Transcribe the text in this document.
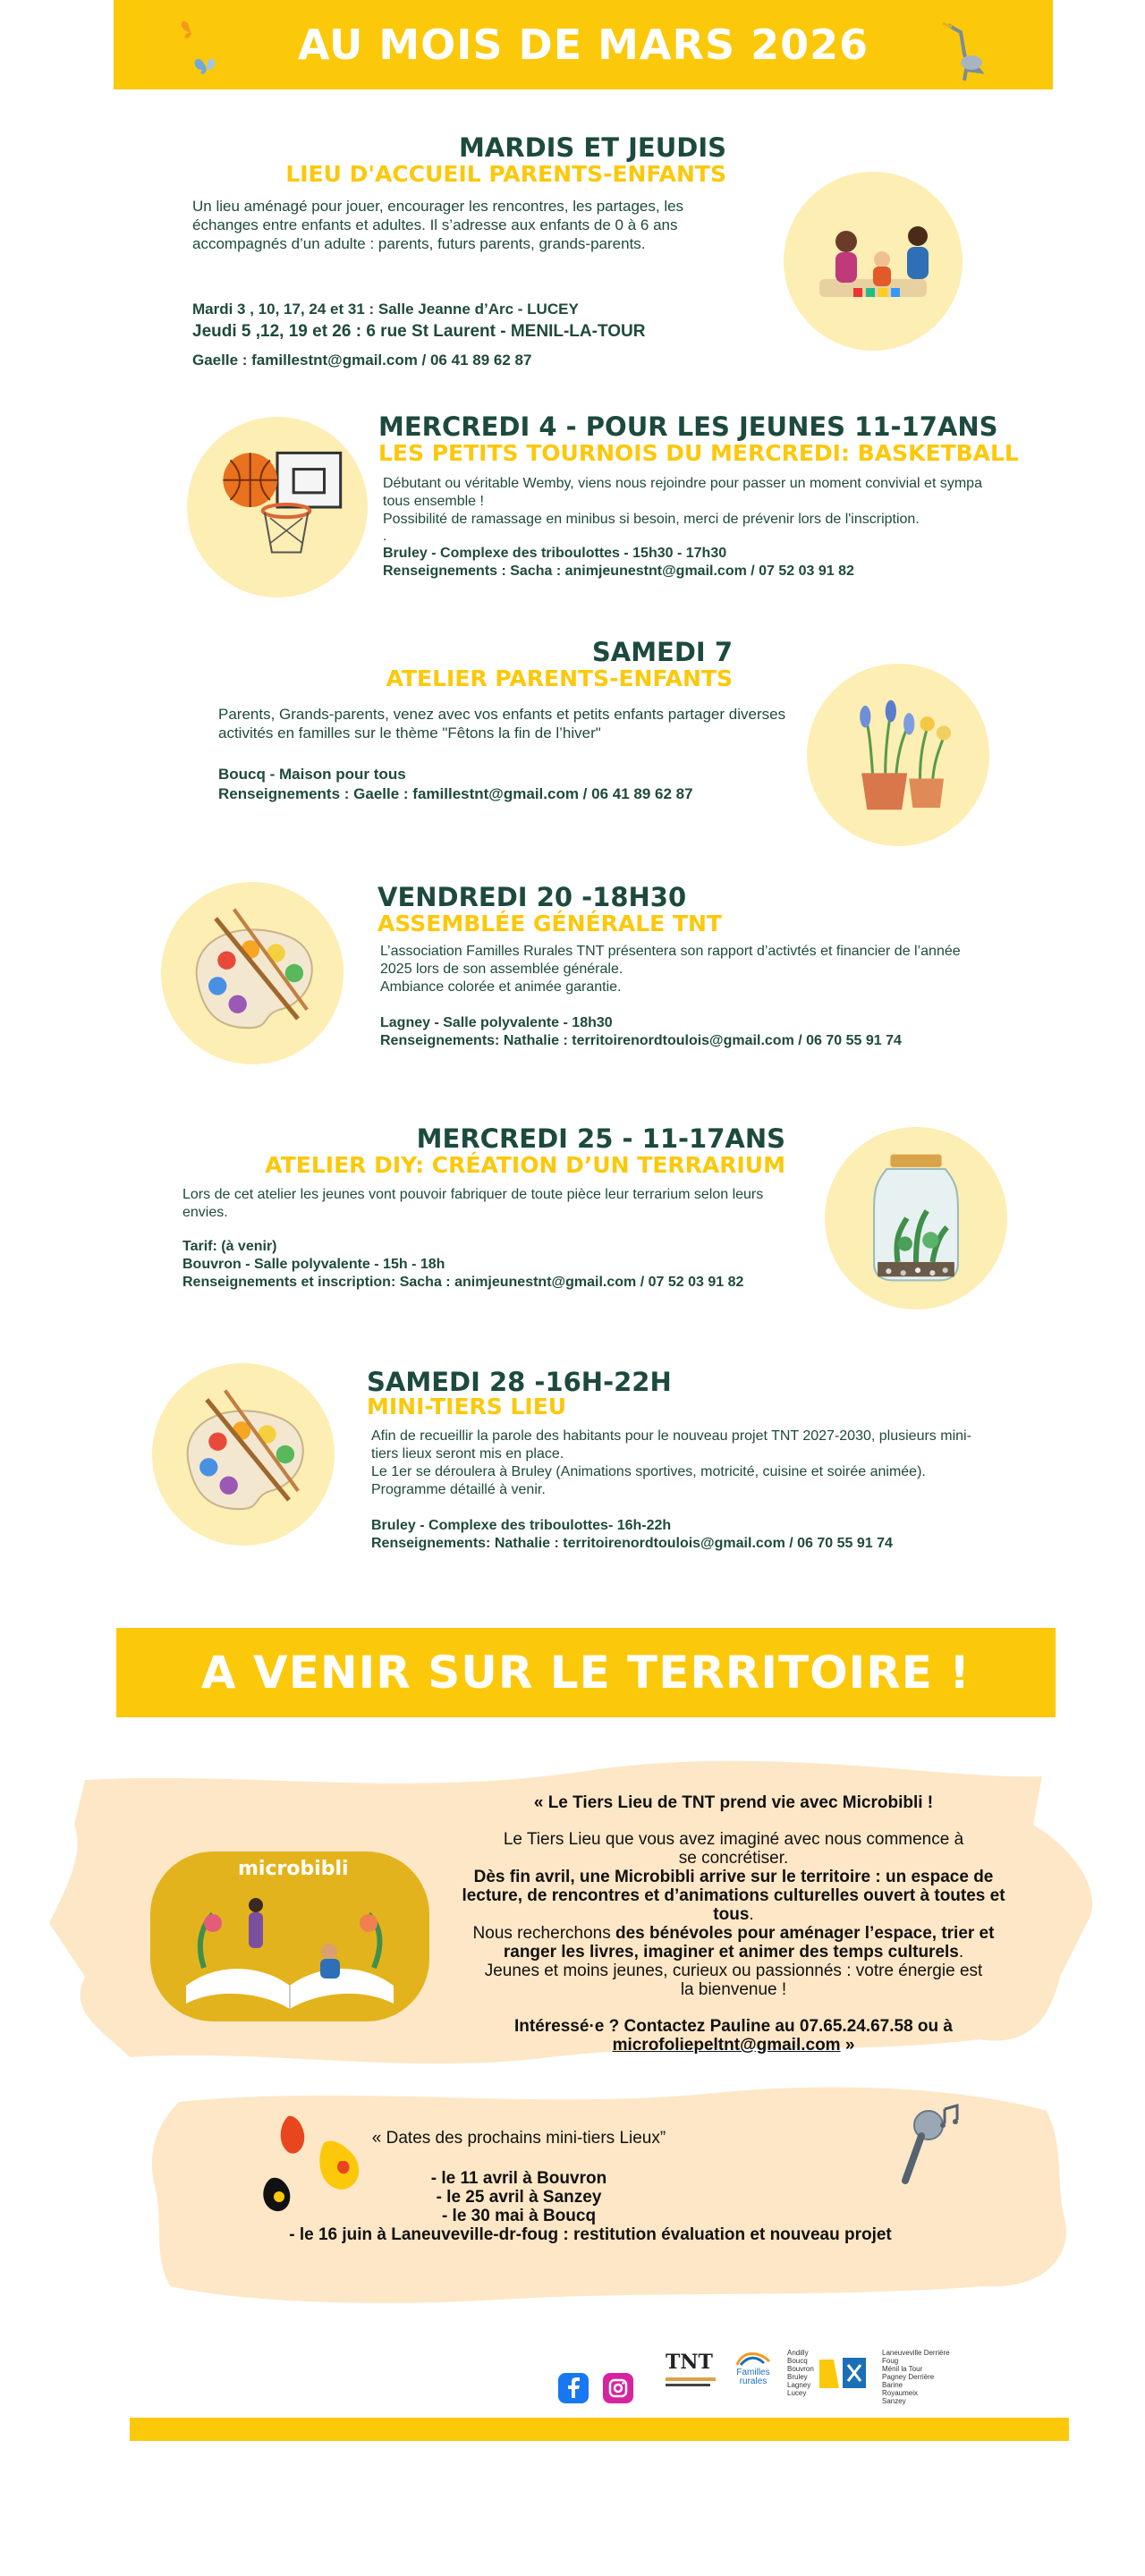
AU MOIS DE MARS 2026
MARDIS ET JEUDIS
LIEU D'ACCUEIL PARENTS-ENFANTS
Un lieu aménagé pour jouer, encourager les rencontres, les partages, les échanges entre enfants et adultes. Il s’adresse aux enfants de 0 à 6 ans accompagnés d’un adulte : parents, futurs parents, grands-parents.
Mardi 3 , 10, 17, 24 et 31 : Salle Jeanne d’Arc - LUCEY
Jeudi 5 ,12, 19 et 26 : 6 rue St Laurent - MENIL-LA-TOUR
Gaelle : famillestnt@gmail.com / 06 41 89 62 87
MERCREDI 4 - POUR LES JEUNES 11-17ANS
LES PETITS TOURNOIS DU MERCREDI: BASKETBALL
Débutant ou véritable Wemby, viens nous rejoindre pour passer un moment convivial et sympa tous ensemble !
Possibilité de ramassage en minibus si besoin, merci de prévenir lors de l'inscription.
.
Bruley - Complexe des triboulottes - 15h30 - 17h30
Renseignements : Sacha : animjeunestnt@gmail.com / 07 52 03 91 82
SAMEDI 7
ATELIER PARENTS-ENFANTS
Parents, Grands-parents, venez avec vos enfants et petits enfants partager diverses activités en familles sur le thème "Fêtons la fin de l’hiver"
Boucq - Maison pour tous
Renseignements : Gaelle : famillestnt@gmail.com / 06 41 89 62 87
VENDREDI 20 -18H30
ASSEMBLÉE GÉNÉRALE TNT
L’association Familles Rurales TNT présentera son rapport d’activtés et financier de l’année 2025 lors de son assemblée générale.
Ambiance colorée et animée garantie.
Lagney - Salle polyvalente - 18h30
Renseignements: Nathalie : territoirenordtoulois@gmail.com / 06 70 55 91 74
MERCREDI 25 - 11-17ANS
ATELIER DIY: CRÉATION D’UN TERRARIUM
Lors de cet atelier les jeunes vont pouvoir fabriquer de toute pièce leur terrarium selon leurs envies.
Tarif: (à venir)
Bouvron - Salle polyvalente - 15h - 18h
Renseignements et inscription: Sacha : animjeunestnt@gmail.com / 07 52 03 91 82
SAMEDI 28 -16H-22H
MINI-TIERS LIEU
Afin de recueillir la parole des habitants pour le nouveau projet TNT 2027-2030, plusieurs mini-tiers lieux seront mis en place.
Le 1er se déroulera à Bruley (Animations sportives, motricité, cuisine et soirée animée).
Programme détaillé à venir.
Bruley - Complexe des triboulottes- 16h-22h
Renseignements: Nathalie : territoirenordtoulois@gmail.com / 06 70 55 91 74
A VENIR SUR LE TERRITOIRE !
microbibli
« Le Tiers Lieu de TNT prend vie avec Microbibli !
Le Tiers Lieu que vous avez imaginé avec nous commence à se concrétiser.
Dès fin avril, une Microbibli arrive sur le territoire : un espace de lecture, de rencontres et d’animations culturelles ouvert à toutes et tous.
Nous recherchons des bénévoles pour aménager l’espace, trier et ranger les livres, imaginer et animer des temps culturels.
Jeunes et moins jeunes, curieux ou passionnés : votre énergie est la bienvenue !
Intéressé·e ? Contactez Pauline au 07.65.24.67.58 ou à microfoliepeltnt@gmail.com »
« Dates des prochains mini-tiers Lieux”
- le 11 avril à Bouvron
- le 25 avril à Sanzey
- le 30 mai à Boucq
- le 16 juin à Laneuveville-dr-foug : restitution évaluation et nouveau projet
TNT	Familles rurales
Andilly
Boucq
Bouvron
Bruley
Lagney
Lucey
Laneuveville Derrière Foug
Ménil la Tour
Pagney Derrière Barine
Royaumeix
Sanzey
